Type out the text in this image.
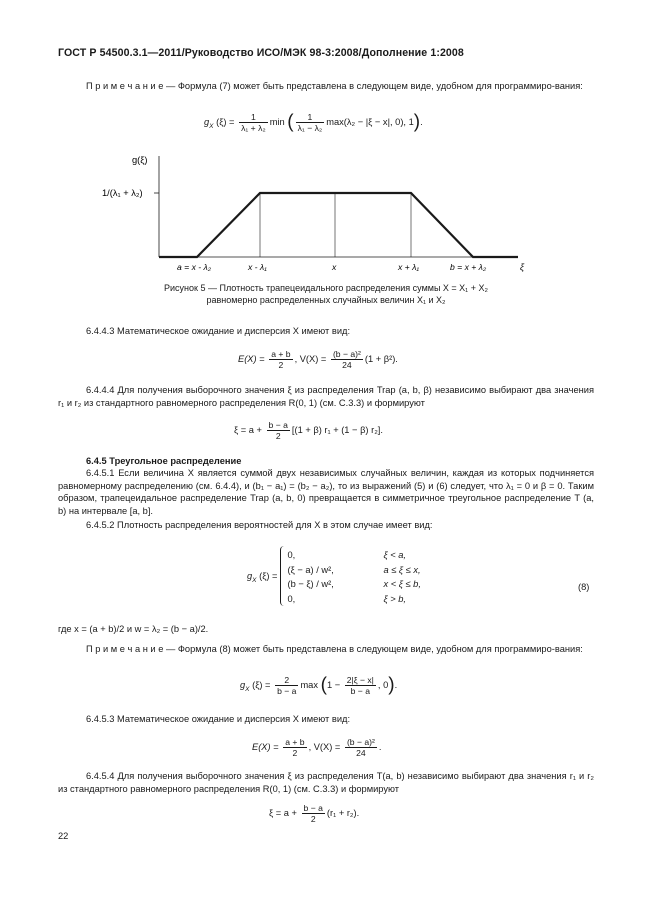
ГОСТ Р 54500.3.1—2011/Руководство ИСО/МЭК 98-3:2008/Дополнение 1:2008
П р и м е ч а н и е — Формула (7) может быть представлена в следующем виде, удобном для программиро-вания:
$g_X$ $(\xi) = \frac{1}{\text{λ₁ + λ₂}}$ min ( $\frac{1}{\text{λ₁ − λ₂}} \max(\lambda_2 - |\xi - x|$, 0), 1).
g(ξ)
1/(λ₁ + λ₂)
a = x - λ₂	x - λ₁	x	x + λ₁	b = x + λ₂	ξ
Рисунок 5 — Плотность трапецеидального распределения суммы X = X₁ + X₂
равномерно распределенных случайных величин X₁ и X₂
6.4.4.3 Математическое ожидание и дисперсия X имеют вид:
$E(X) = \frac{a + b}{2}$ , $V(X) = \frac{\text{(b − a)²}}{24} (1 + \beta^2)$.
6.4.4.4 Для получения выборочного значения ξ из распределения Trap (a, b, β) независимо выбирают два значения r₁ и r₂ из стандартного равномерного распределения R(0, 1) (см. С.3.3) и формируют
$\xi = a + \frac{b - a}{2} [(1 + \beta) r_1 + (1 - \beta)$ r₂].
6.4.5 Треугольное распределение
6.4.5.1 Если величина X является суммой двух независимых случайных величин, каждая из которых подчиняется равномерному распределению (см. 6.4.4), и (b₁ − a₁) = (b₂ − a₂), то из выражений (5) и (6) следует, что λ₁ = 0 и β = 0. Таким образом, трапецеидальное распределение Trap (a, b, 0) превращается в симметричное треугольное распределение T (a, b) на интервале [a, b].
6.4.5.2 Плотность распределения вероятностей для X в этом случае имеет вид:
$g_X$ (ξ) =		
0,	ξ < a,
(ξ − a) / w²,	a ≤ ξ ≤ x,
(b − ξ) / w²,	x < ξ ≤ b,
0,	ξ > b,
(8)
где x = (a + b)/2 и w = λ₂ = (b − a)/2.
П р и м е ч а н и е — Формула (8) может быть представлена в следующем виде, удобном для программиро-вания:
$g_X$ $(\xi) = \frac{2}{b - a}$ $\max (1 - \frac{2|\xi - x|}{b - a}$ , 0).
6.4.5.3 Математическое ожидание и дисперсия X имеют вид:
$E(X) = \frac{a + b}{2}$ , $V(X) = \frac{\text{(b − a)²}}{24}$ .
6.4.5.4 Для получения выборочного значения ξ из распределения T(a, b) независимо выбирают два значения r₁ и r₂ из стандартного равномерного распределения R(0, 1) (см. С.3.3) и формируют
$\xi = a + \frac{b - a}{2} (r_1 + r_2)$.
22
